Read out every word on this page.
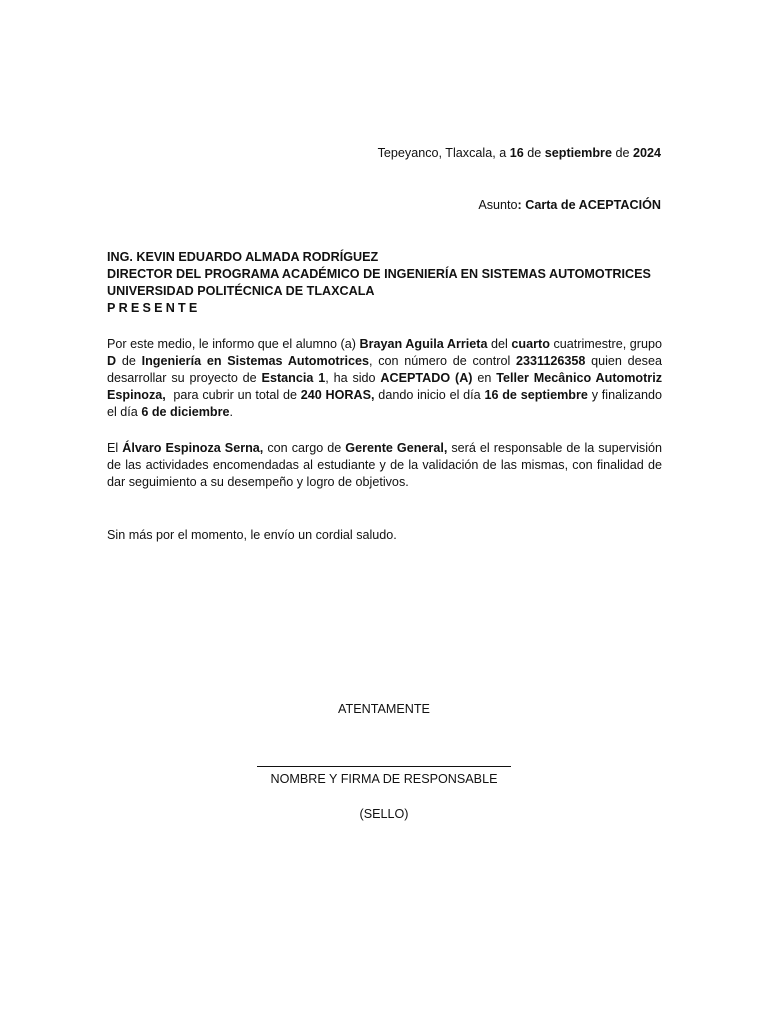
Tepeyanco, Tlaxcala, a 16 de septiembre de 2024
Asunto: Carta de ACEPTACIÓN
ING. KEVIN EDUARDO ALMADA RODRÍGUEZ
DIRECTOR DEL PROGRAMA ACADÉMICO DE INGENIERÍA EN SISTEMAS AUTOMOTRICES
UNIVERSIDAD POLITÉCNICA DE TLAXCALA
PRESENTE
Por este medio, le informo que el alumno (a) Brayan Aguila Arrieta del cuarto cuatrimestre, grupo D de Ingeniería en Sistemas Automotrices, con número de control 2331126358 quien desea desarrollar su proyecto de Estancia 1, ha sido ACEPTADO (A) en Teller Mecânico Automotriz Espinoza,  para cubrir un total de 240 HORAS, dando inicio el día 16 de septiembre y finalizando el día 6 de diciembre.
El Álvaro Espinoza Serna, con cargo de Gerente General, será el responsable de la supervisión de las actividades encomendadas al estudiante y de la validación de las mismas, con finalidad de dar seguimiento a su desempeño y logro de objetivos.
Sin más por el momento, le envío un cordial saludo.
ATENTAMENTE
NOMBRE Y FIRMA DE RESPONSABLE
(SELLO)
